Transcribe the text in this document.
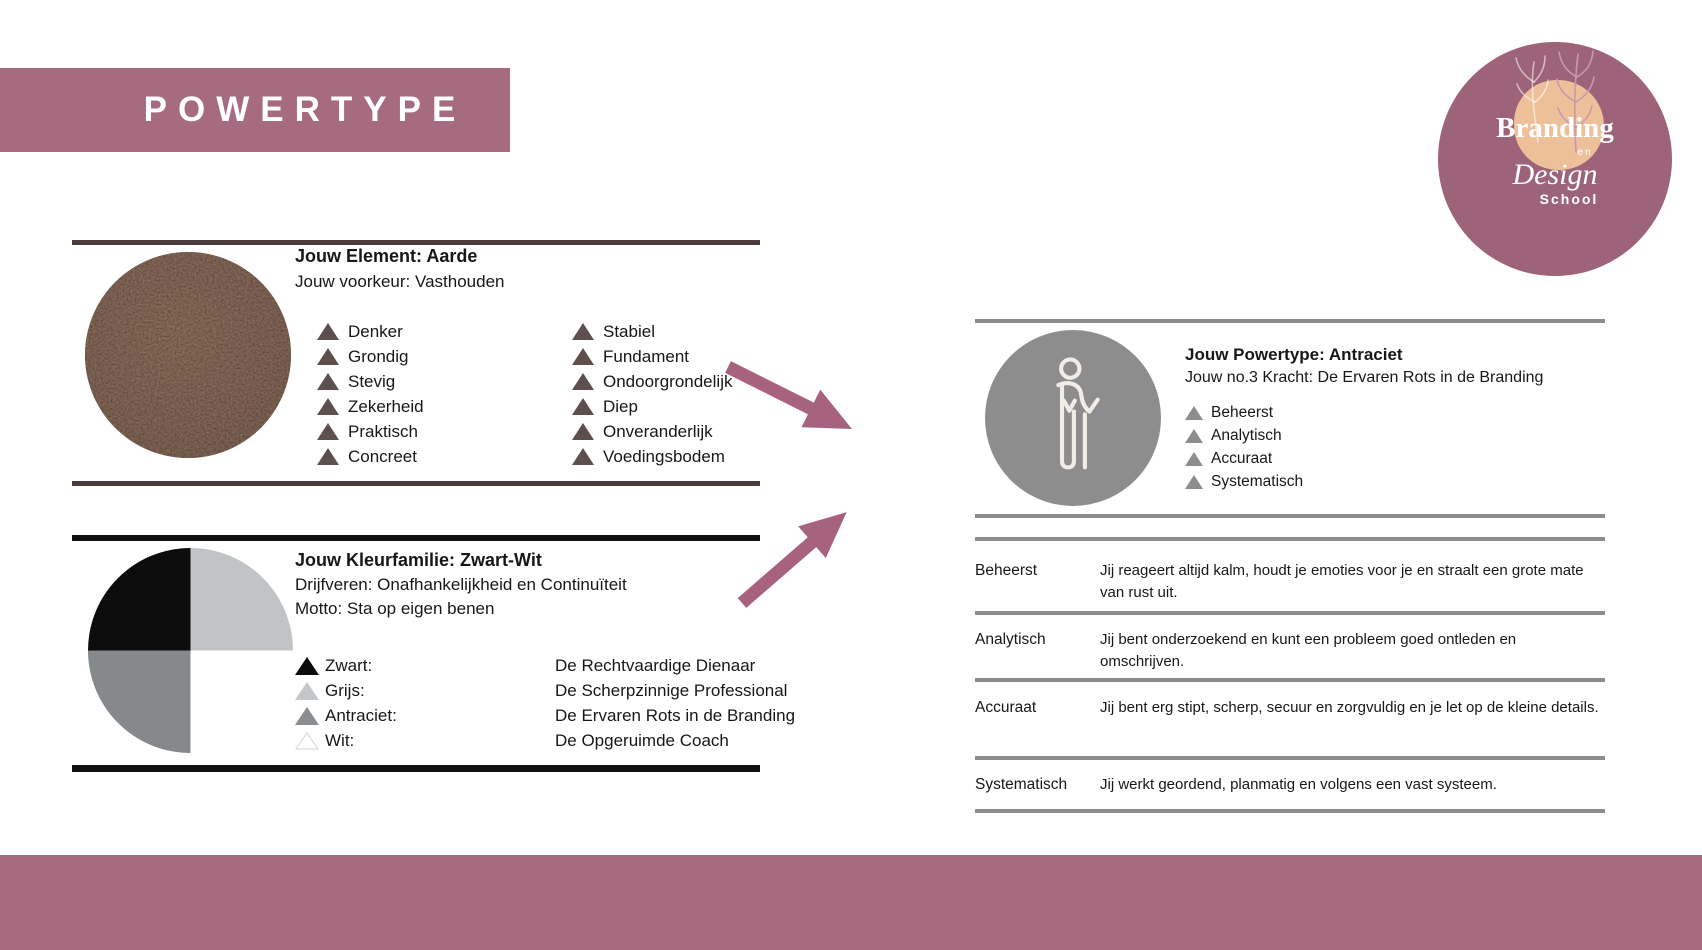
POWERTYPE	Branding
en
Design
School
Jouw Element: Aarde
Jouw voorkeur: Vasthouden
Denker
Grondig
Stevig
Zekerheid
Praktisch
Concreet
Stabiel
Fundament
Ondoorgrondelijk
Diep
Onveranderlijk
Voedingsbodem
Jouw Kleurfamilie: Zwart-Wit
Drijfveren: Onafhankelijkheid en Continuïteit
Motto: Sta op eigen benen
Zwart:	De Rechtvaardige Dienaar
Grijs:	De Scherpzinnige Professional
Antraciet:	De Ervaren Rots in de Branding
Wit:	De Opgeruimde Coach
Jouw Powertype: Antraciet
Jouw no.3 Kracht: De Ervaren Rots in de Branding
Beheerst
Analytisch
Accuraat
Systematisch
Beheerst	Jij reageert altijd kalm, houdt je emoties voor je en straalt een grote mate van rust uit.
Analytisch	Jij bent onderzoekend en kunt een probleem goed ontleden en omschrijven.
Accuraat	Jij bent erg stipt, scherp, secuur en zorgvuldig en je let op de kleine details.
Systematisch Jij werkt geordend, planmatig en volgens een vast systeem.
